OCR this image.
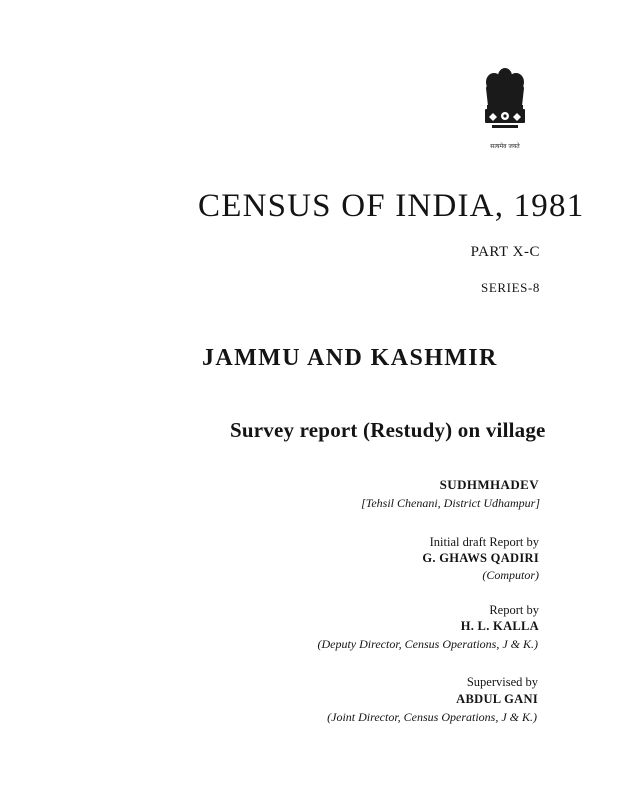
सत्यमेव जयते
CENSUS OF INDIA, 1981
PART X-C
SERIES-8
JAMMU AND KASHMIR
Survey report (Restudy) on village
SUDHMHADEV
[Tehsil Chenani, District Udhampur]
Initial draft Report by
G. GHAWS QADIRI
(Computor)
Report by
H. L. KALLA
(Deputy Director, Census Operations, J & K.)
Supervised by
ABDUL GANI
(Joint Director, Census Operations, J & K.)
